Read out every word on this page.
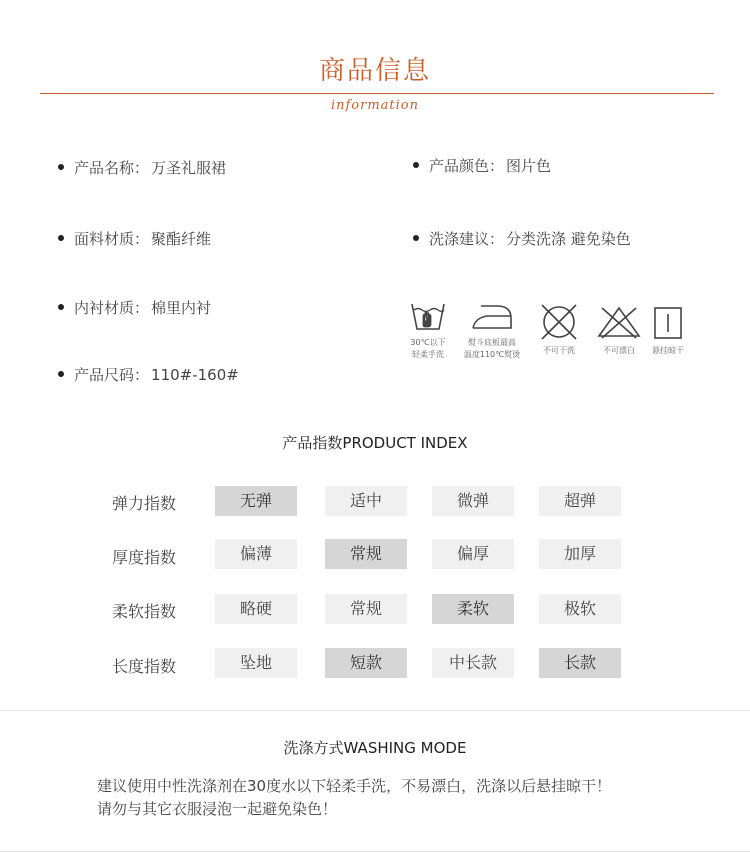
商品信息
information
产品名称： 万圣礼服裙
面料材质： 聚酯纤维
内衬材质： 棉里内衬
产品尺码： 110#-160#
产品颜色： 图片色
洗涤建议： 分类洗涤 避免染色
30℃以下
轻柔手洗
熨斗底板最高
温度110℃熨烫	不可干洗	不可漂白	悬挂晾干
产品指数PRODUCT INDEX
弹力指数	无弹	适中	微弹	超弹
厚度指数	偏薄	常规	偏厚	加厚
柔软指数	略硬	常规	柔软	极软
长度指数	坠地	短款	中长款	长款
洗涤方式WASHING MODE
建议使用中性洗涤剂在30度水以下轻柔手洗，不易漂白，洗涤以后悬挂晾干！
请勿与其它衣服浸泡一起避免染色！
